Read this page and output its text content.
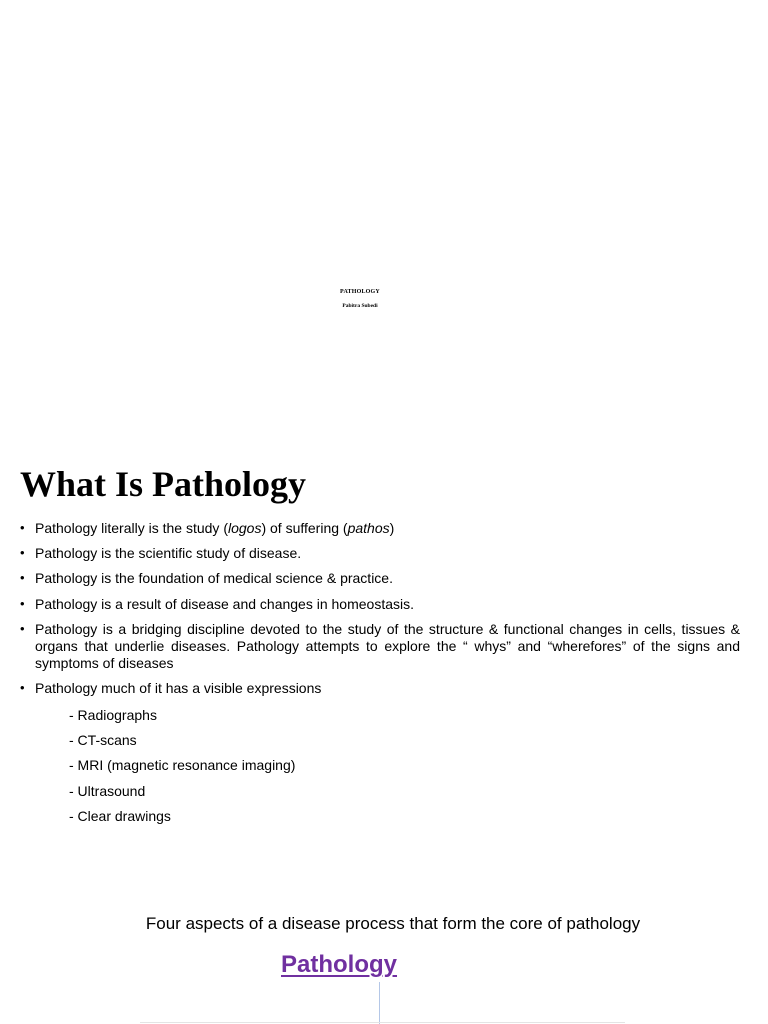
PATHOLOGY
Pabitra Subedi
What Is Pathology
• Pathology literally is the study (logos) of suffering (pathos)
• Pathology is the scientific study of disease.
• Pathology is the foundation of medical science & practice.
• Pathology is a result of disease and changes in homeostasis.
• Pathology is a bridging discipline devoted to the study of the structure & functional changes in cells, tissues & organs that underlie diseases. Pathology attempts to explore the “ whys” and “wherefores” of the signs and symptoms of diseases
• Pathology much of it has a visible expressions
- Radiographs
- CT-scans
- MRI (magnetic resonance imaging)
- Ultrasound
- Clear drawings
Four aspects of a disease process that form the core of pathology
Pathology
